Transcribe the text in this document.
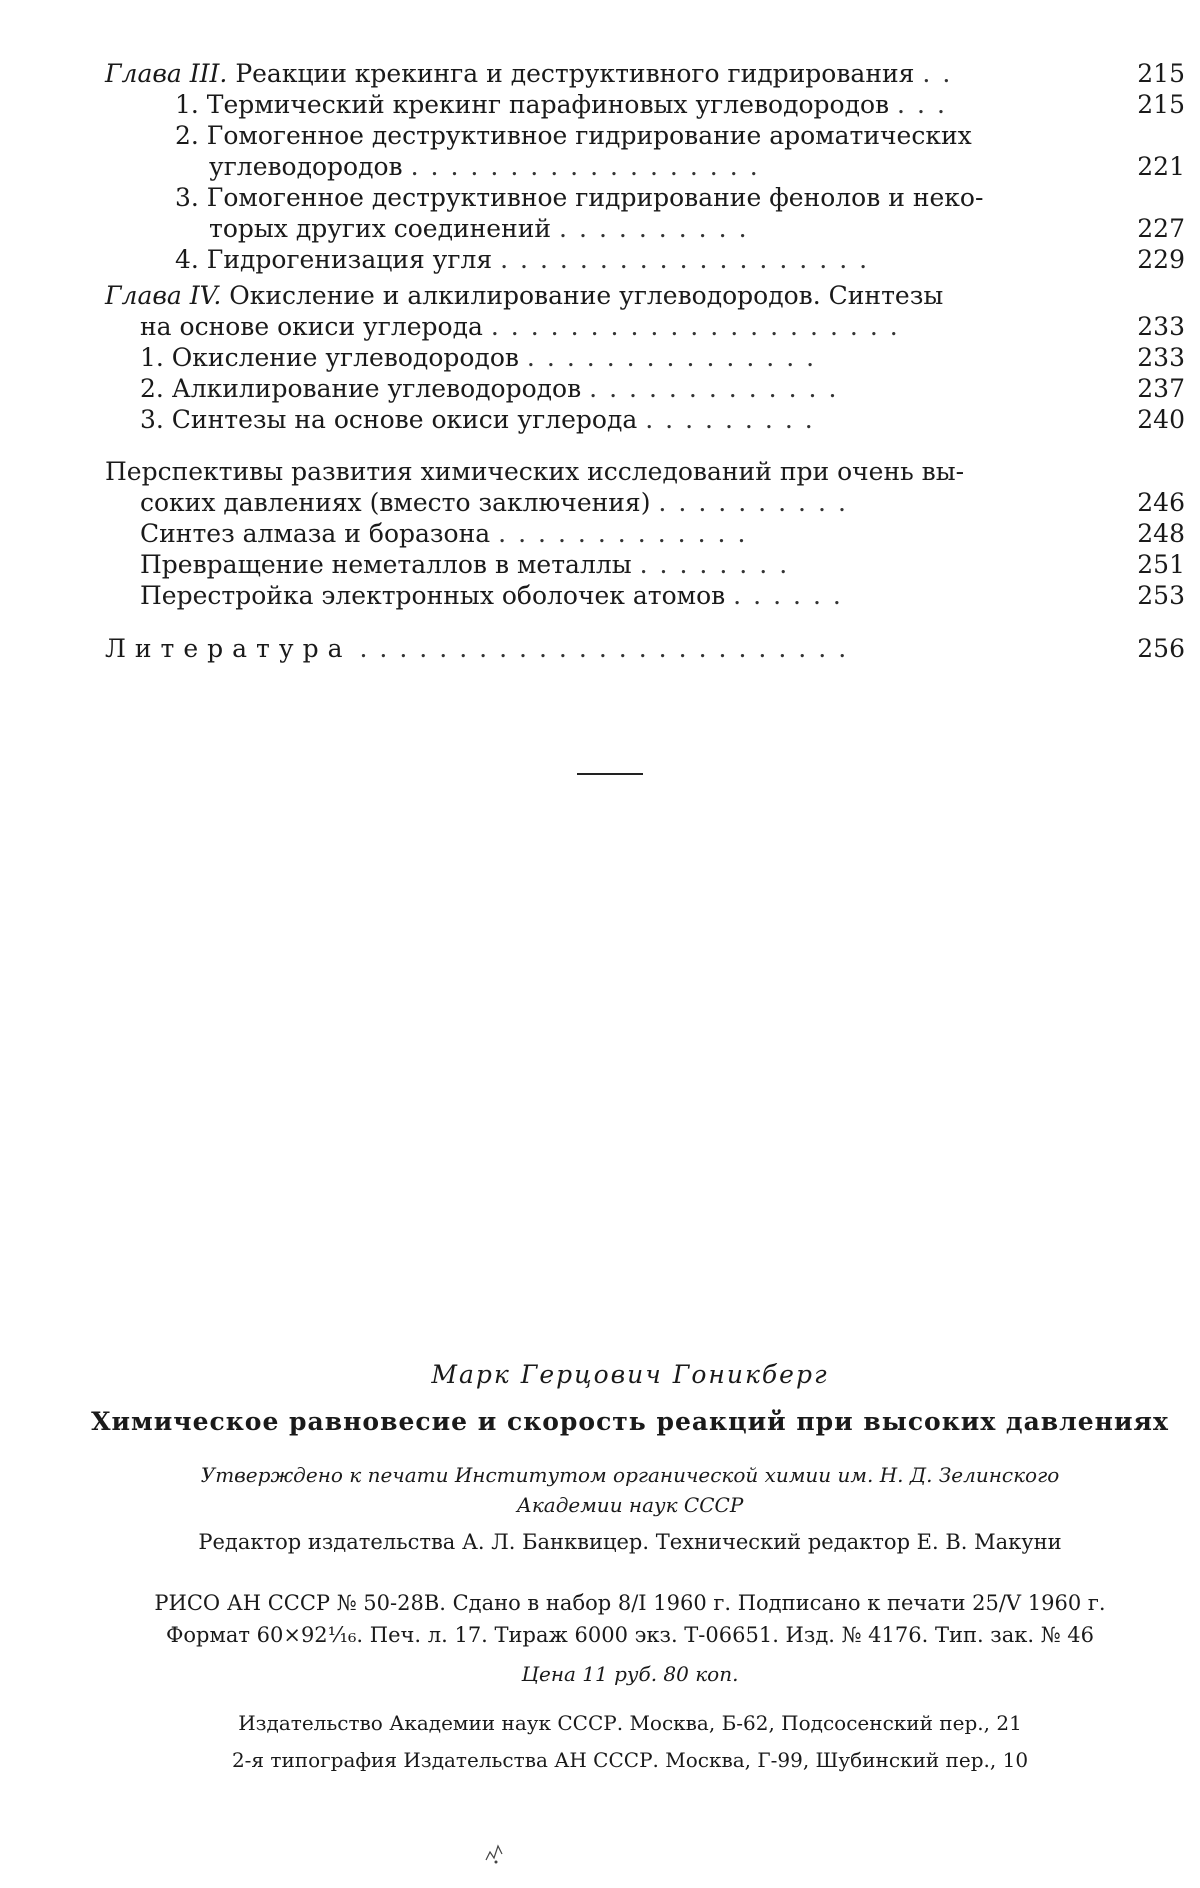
Глава III. Реакции крекинга и деструктивного гидрирования ..	215
1. Термический крекинг парафиновых углеводородов ...	215
2. Гомогенное деструктивное гидрирование ароматических
углеводородов ..................	221
3. Гомогенное деструктивное гидрирование фенолов и неко-
торых других соединений ..........	227
4. Гидрогенизация угля ...................	229
Глава IV. Окисление и алкилирование углеводородов. Синтезы
на основе окиси углерода .....................	233
1. Окисление углеводородов ...............	233
2. Алкилирование углеводородов .............	237
3. Синтезы на основе окиси углерода .........	240
Перспективы развития химических исследований при очень вы-
соких давлениях (вместо заключения) ..........	246
Синтез алмаза и боразона .............	248
Превращение неметаллов в металлы ........	251
Перестройка электронных оболочек атомов ......	253
Литература .........................	256
Марк Герцович Гоникберг
Химическое равновесие и скорость реакций при высоких давлениях
Утверждено к печати Институтом органической химии им. Н. Д. Зелинского
Академии наук СССР
Редактор издательства А. Л. Банквицер. Технический редактор Е. В. Макуни
РИСО АН СССР № 50-28В. Сдано в набор 8/I 1960 г. Подписано к печати 25/V 1960 г.
Формат 60×92¹⁄₁₆. Печ. л. 17. Тираж 6000 экз. Т-06651. Изд. № 4176. Тип. зак. № 46
Цена 11 руб. 80 коп.
Издательство Академии наук СССР. Москва, Б-62, Подсосенский пер., 21
2-я типография Издательства АН СССР. Москва, Г-99, Шубинский пер., 10
